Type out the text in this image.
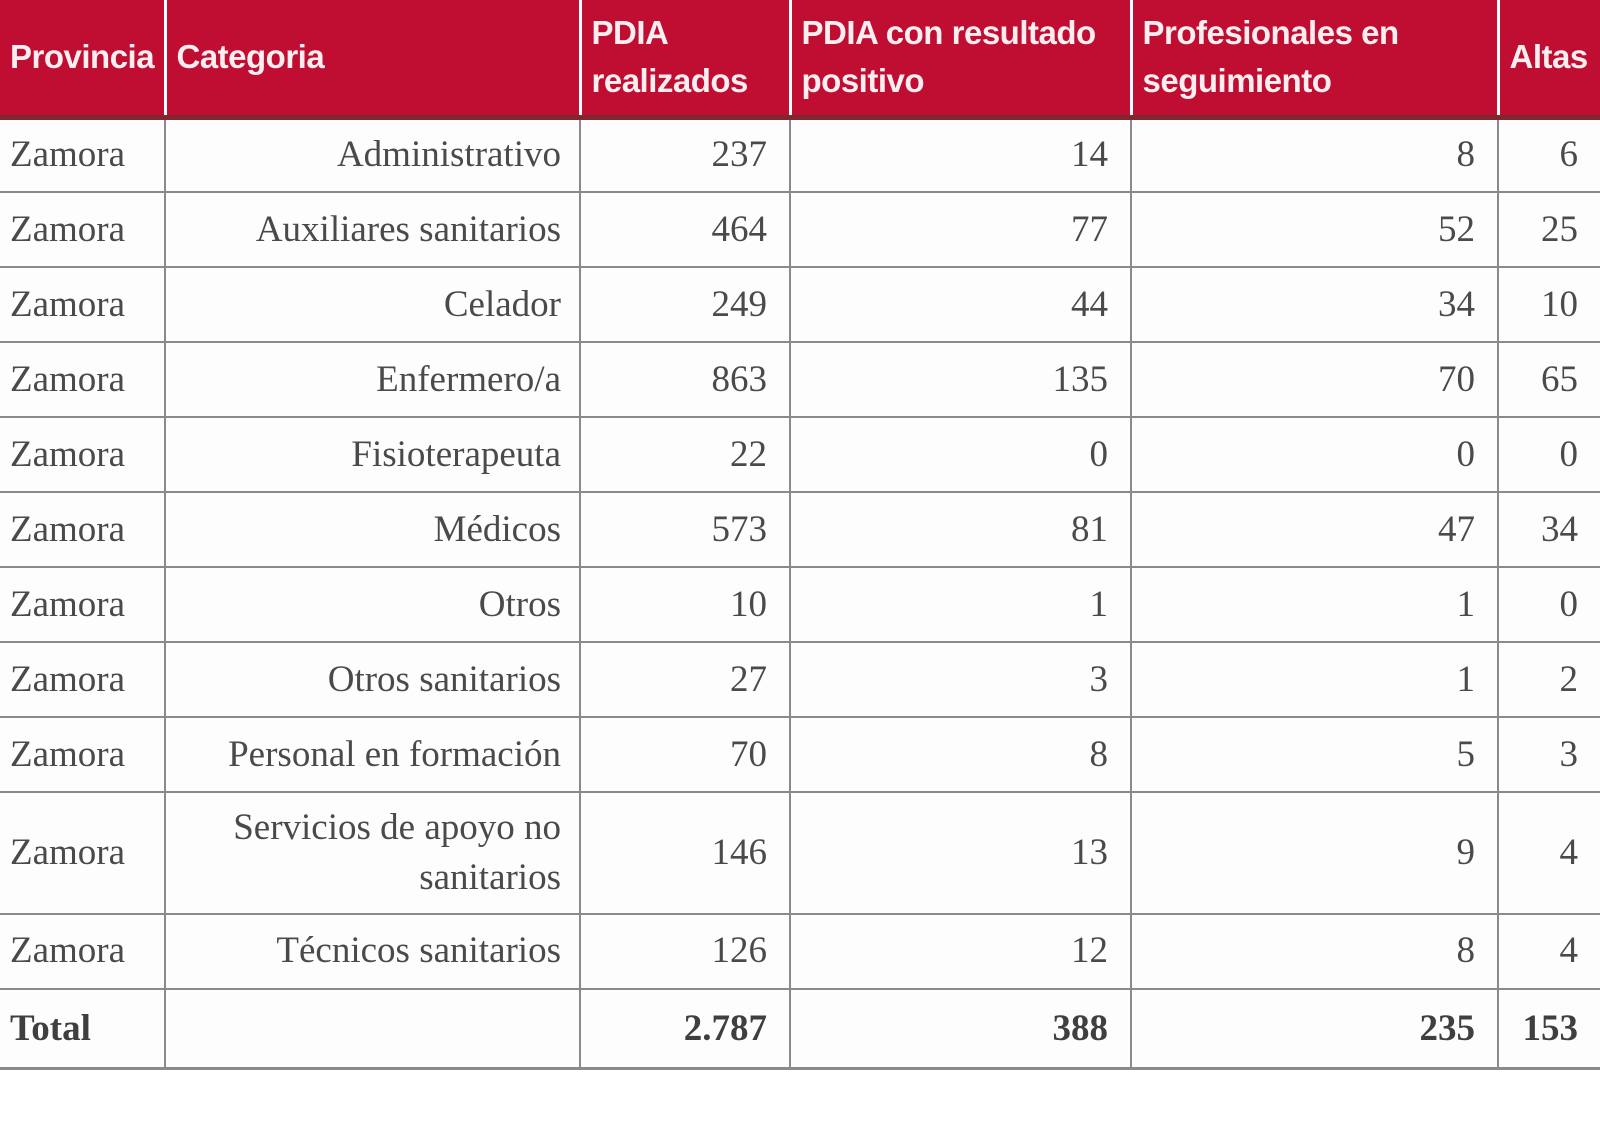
Provincia	Categoria	PDIA realizados	PDIA con resultado positivo	Profesionales en seguimiento	Altas
Zamora	Administrativo	237	14	8	6
Zamora	Auxiliares sanitarios	464	77	52	25
Zamora	Celador	249	44	34	10
Zamora	Enfermero/a	863	135	70	65
Zamora	Fisioterapeuta	22	0	0	0
Zamora	Médicos	573	81	47	34
Zamora	Otros	10	1	1	0
Zamora	Otros sanitarios	27	3	1	2
Zamora	Personal en formación	70	8	5	3
Zamora	Servicios de apoyo no sanitarios	146	13	9	4
Zamora	Técnicos sanitarios	126	12	8	4
Total		2.787	388	235	153
